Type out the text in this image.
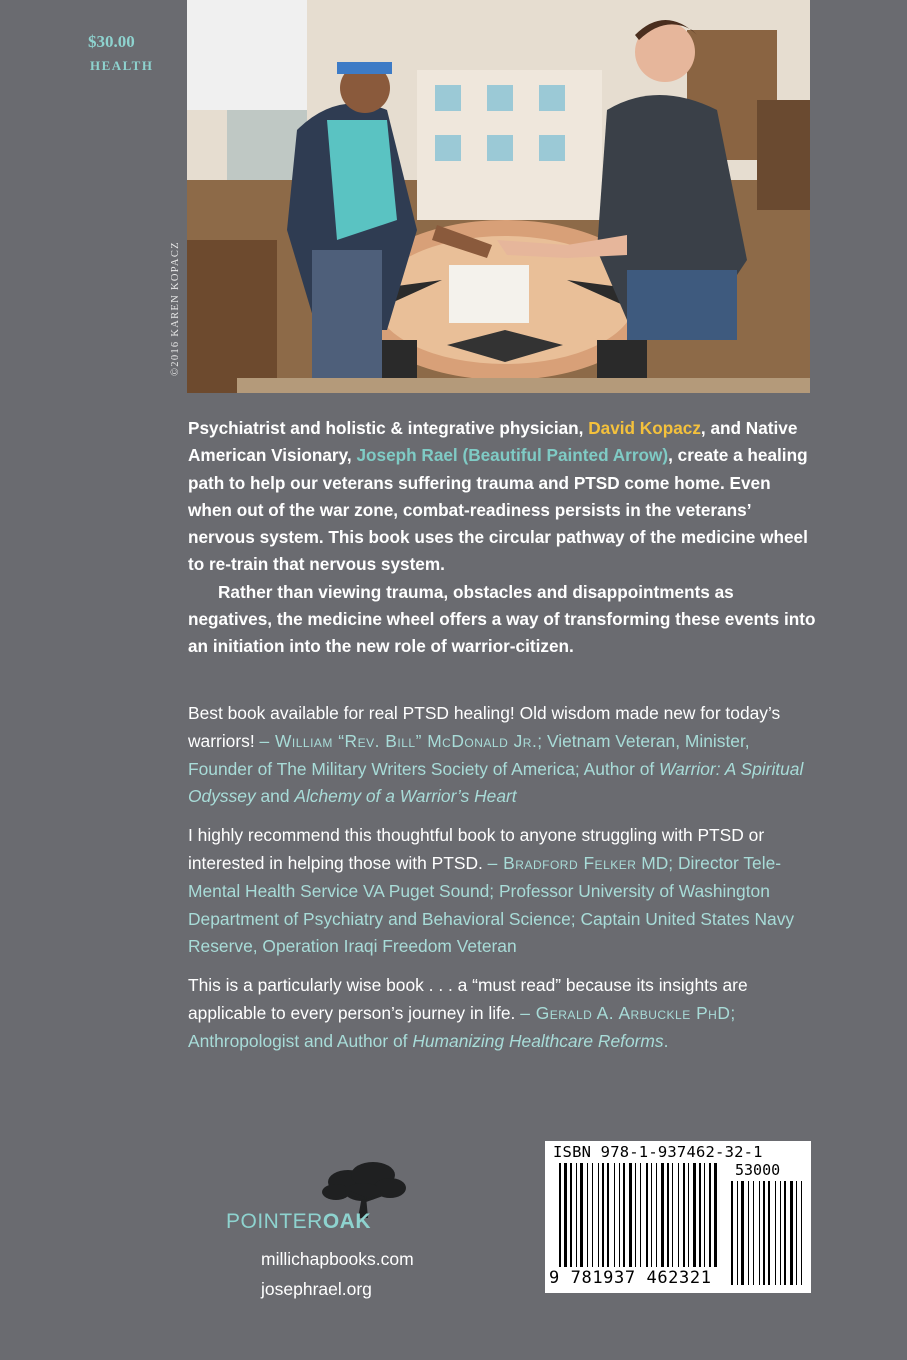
$30.00
HEALTH
©2016 KAREN KOPACZ

Psychiatrist and holistic & integrative physician, David Kopacz, and Native American Visionary, Joseph Rael (Beautiful Painted Arrow), create a healing path to help our veterans suffering trauma and PTSD come home. Even when out of the war zone, combat-readiness persists in the veterans’ nervous system. This book uses the circular pathway of the medicine wheel to re-train that nervous system.

Rather than viewing trauma, obstacles and disappointments as negatives, the medicine wheel offers a way of transforming these events into an initiation into the new role of warrior-citizen.

Best book available for real PTSD healing! Old wisdom made new for today’s warriors! – William “Rev. Bill” McDonald Jr.; Vietnam Veteran, Minister, Founder of The Military Writers Society of America; Author of Warrior: A Spiritual Odyssey and Alchemy of a Warrior’s Heart

I highly recommend this thoughtful book to anyone struggling with PTSD or interested in helping those with PTSD. – Bradford Felker MD; Director Tele-Mental Health Service VA Puget Sound; Professor University of Washington Department of Psychiatry and Behavioral Science; Captain United States Navy Reserve, Operation Iraqi Freedom Veteran

This is a particularly wise book . . . a “must read” because its insights are applicable to every person’s journey in life. – Gerald A. Arbuckle PhD; Anthropologist and Author of Humanizing Healthcare Reforms.

POINTEROAK
millichapbooks.com
josephrael.org
ISBN 978-1-937462-32-1
53000
9 781937 462321
